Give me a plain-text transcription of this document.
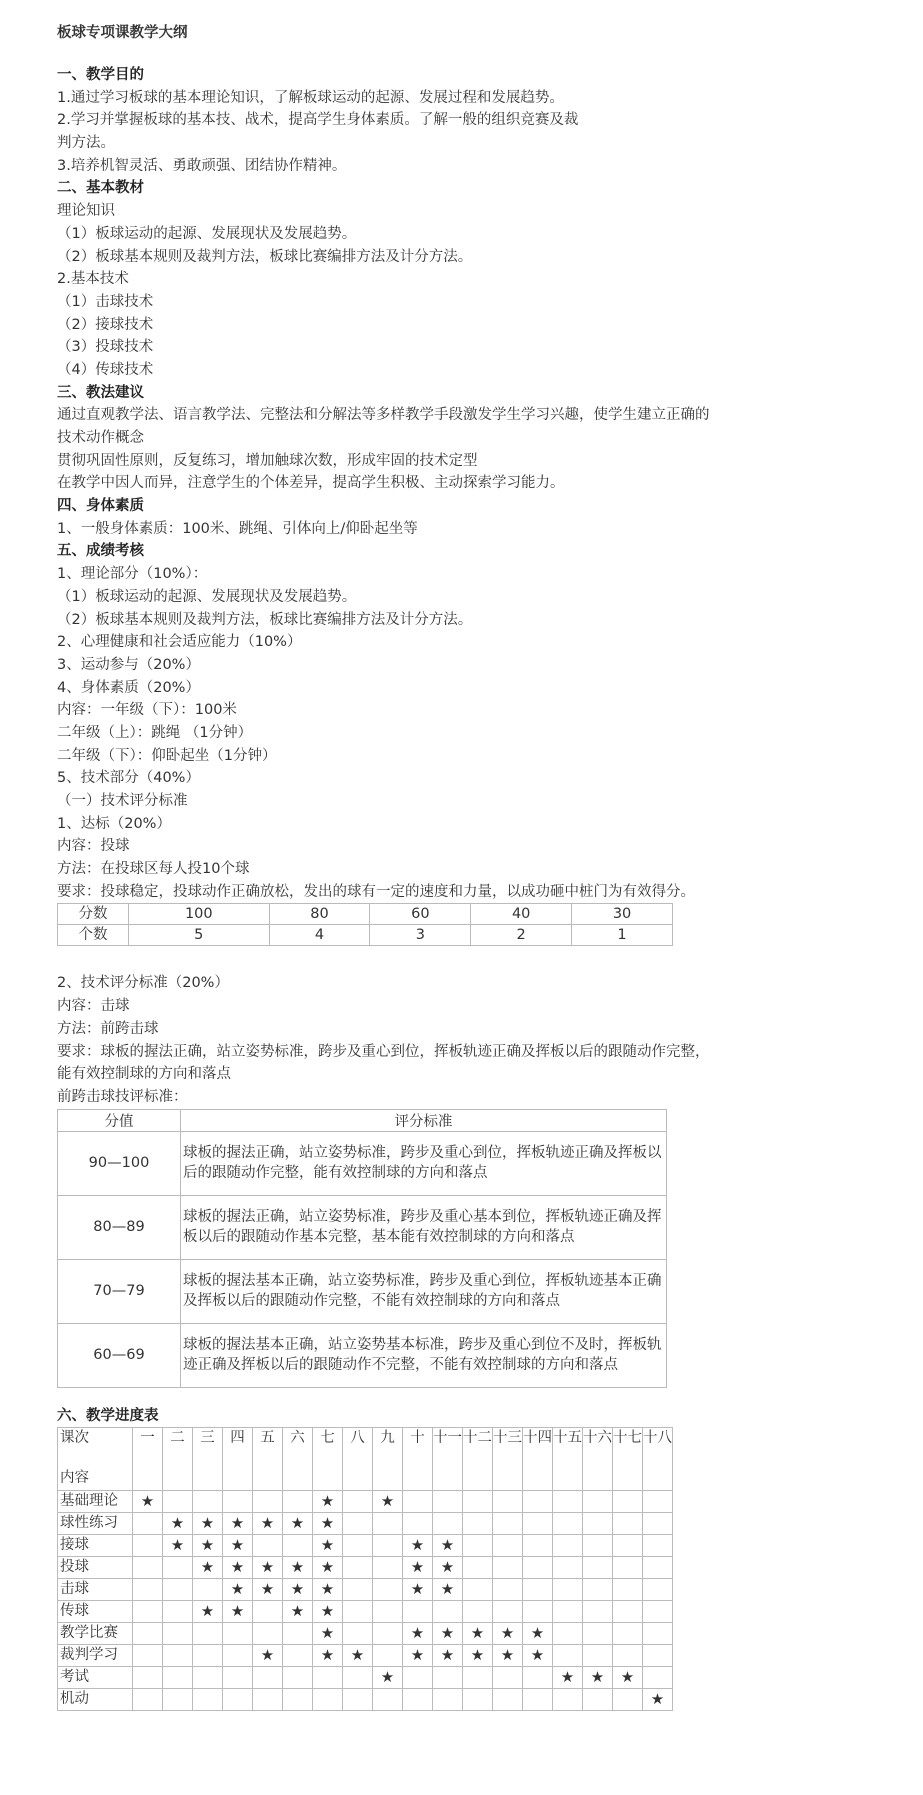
板球专项课教学大纲
一、教学目的
1.通过学习板球的基本理论知识，了解板球运动的起源、发展过程和发展趋势。
2.学习并掌握板球的基本技、战术，提高学生身体素质。了解一般的组织竞赛及裁
判方法。
3.培养机智灵活、勇敢顽强、团结协作精神。
二、基本教材
理论知识
（1）板球运动的起源、发展现状及发展趋势。
（2）板球基本规则及裁判方法，板球比赛编排方法及计分方法。
2.基本技术
（1）击球技术
（2）接球技术
（3）投球技术
（4）传球技术
三、教法建议
通过直观教学法、语言教学法、完整法和分解法等多样教学手段激发学生学习兴趣，使学生建立正确的
技术动作概念
贯彻巩固性原则，反复练习，增加触球次数，形成牢固的技术定型
在教学中因人而异，注意学生的个体差异，提高学生积极、主动探索学习能力。
四、身体素质
1、一般身体素质：100米、跳绳、引体向上/仰卧起坐等
五、成绩考核
1、理论部分（10%）：
（1）板球运动的起源、发展现状及发展趋势。
（2）板球基本规则及裁判方法，板球比赛编排方法及计分方法。
2、心理健康和社会适应能力（10%）
3、运动参与（20%）
4、身体素质（20%）
内容：一年级（下）：100米
二年级（上）：跳绳 （1分钟）
二年级（下）：仰卧起坐（1分钟）
5、技术部分（40%）
（一）技术评分标准
1、达标（20%）
内容：投球
方法：在投球区每人投10个球
要求：投球稳定，投球动作正确放松，发出的球有一定的速度和力量，以成功砸中桩门为有效得分。
分数	100	80	60	40	30
个数	5	4	3	2	1
2、技术评分标准（20%）
内容：击球
方法：前跨击球
要求：球板的握法正确，站立姿势标准，跨步及重心到位，挥板轨迹正确及挥板以后的跟随动作完整，
能有效控制球的方向和落点
前跨击球技评标准：
分值	评分标准
90—100	球板的握法正确，站立姿势标准，跨步及重心到位，挥板轨迹正确及挥板以后的跟随动作完整，能有效控制球的方向和落点
80—89	球板的握法正确，站立姿势标准，跨步及重心基本到位，挥板轨迹正确及挥板以后的跟随动作基本完整，基本能有效控制球的方向和落点
70—79	球板的握法基本正确，站立姿势标准，跨步及重心到位，挥板轨迹基本正确及挥板以后的跟随动作完整，不能有效控制球的方向和落点
60—69	球板的握法基本正确，站立姿势基本标准，跨步及重心到位不及时，挥板轨迹正确及挥板以后的跟随动作不完整，不能有效控制球的方向和落点
六、教学进度表
课次
内容	一	二	三	四	五	六	七	八	九	十	十一	十二	十三	十四	十五	十六	十七	十八
基础理论	★						★		★									
球性练习		★	★	★	★	★	★											
接球		★	★	★			★			★	★							
投球			★	★	★	★	★			★	★							
击球				★	★	★	★			★	★							
传球			★	★		★	★											
教学比赛							★			★	★	★	★	★				
裁判学习					★		★	★		★	★	★	★	★				
考试									★						★	★	★	
机动																		★
